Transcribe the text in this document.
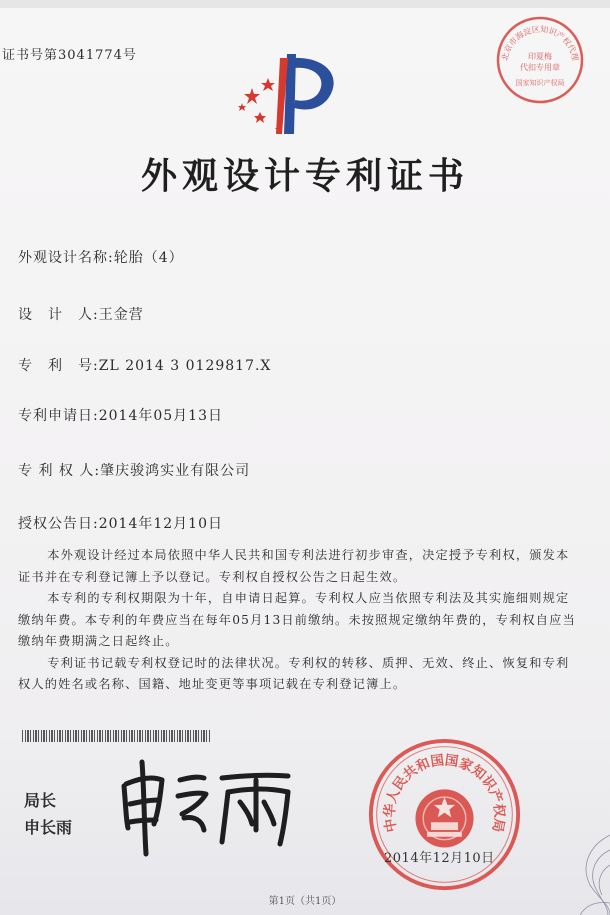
证书号第3041774号
外观设计专利证书
外观设计名称:轮胎（4）
设　计　人:王金营
专　利　号:ZL 2014 3 0129817.X
专利申请日:2014年05月13日
专 利 权 人:肇庆骏鸿实业有限公司
授权公告日:2014年12月10日

本外观设计经过本局依照中华人民共和国专利法进行初步审查，决定授予专利权，颁发本证书并在专利登记簿上予以登记。专利权自授权公告之日起生效。

本专利的专利权期限为十年，自申请日起算。专利权人应当依照专利法及其实施细则规定缴纳年费。本专利的年费应当在每年05月13日前缴纳。未按照规定缴纳年费的，专利权自应当缴纳年费期满之日起终止。

专利证书记载专利权登记时的法律状况。专利权的转移、质押、无效、终止、恢复和专利权人的姓名或名称、国籍、地址变更等事项记载在专利登记簿上。

局长
申长雨	中华人民共和国国家知识产权局
2014年12月10日
北京市海淀区知识产权代理
印夏梅
代扣专用章
国家知识产权局
第1页（共1页）
